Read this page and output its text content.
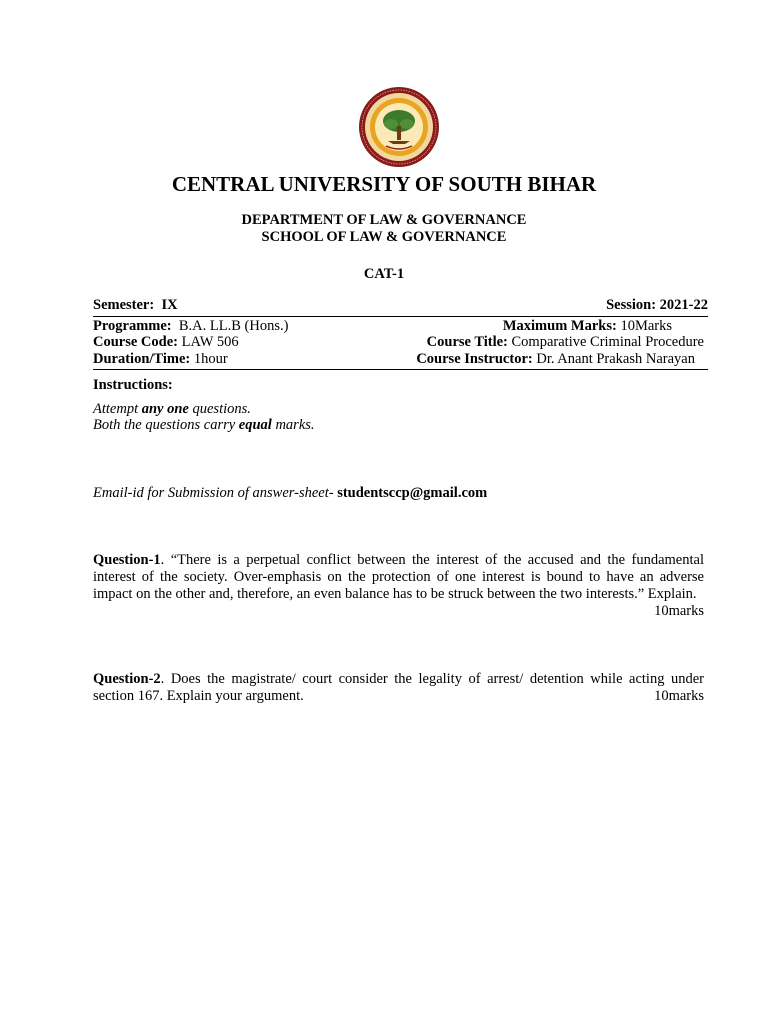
CENTRAL UNIVERSITY OF SOUTH BIHAR
DEPARTMENT OF LAW & GOVERNANCE
SCHOOL OF LAW & GOVERNANCE
CAT-1
Semester: IX	Session: 2021-22
Programme: B.A. LL.B (Hons.)	Maximum Marks: 10Marks
Course Code: LAW 506	Course Title: Comparative Criminal Procedure
Duration/Time: 1hour	Course Instructor: Dr. Anant Prakash Narayan
Instructions:
Attempt any one questions.
Both the questions carry equal marks.
Email-id for Submission of answer-sheet- studentsccp@gmail.com
Question-1. “There is a perpetual conflict between the interest of the accused and the fundamental interest of the society. Over-emphasis on the protection of one interest is bound to have an adverse impact on the other and, therefore, an even balance has to be struck between the two interests.” Explain.
10marks
Question-2. Does the magistrate/ court consider the legality of arrest/ detention while acting under section 167. Explain your argument.	10marks
